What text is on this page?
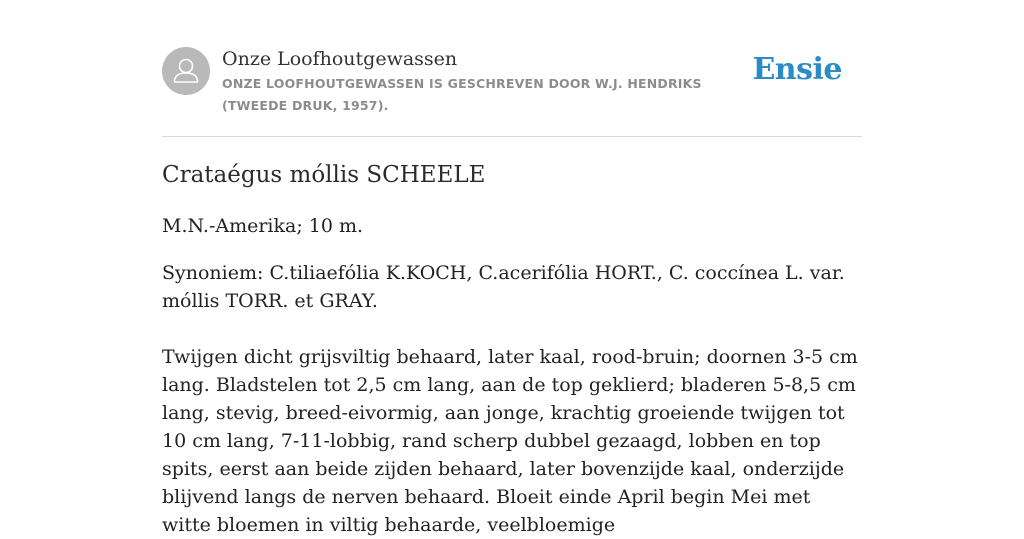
Onze Loofhoutgewassen
ONZE LOOFHOUTGEWASSEN IS GESCHREVEN DOOR W.J. HENDRIKS (TWEEDE DRUK, 1957).
Ensie
Crataégus móllis SCHEELE

M.N.-Amerika; 10 m.

Synoniem: C.tiliaefólia K.KOCH, C.acerifólia HORT., C. coccínea L. var. móllis TORR. et GRAY.

Twijgen dicht grijsviltig behaard, later kaal, rood-bruin; doornen 3-5 cm lang. Bladstelen tot 2,5 cm lang, aan de top geklierd; bladeren 5-8,5 cm lang, stevig, breed-eivormig, aan jonge, krachtig groeiende twijgen tot 10 cm lang, 7-11-lobbig, rand scherp dubbel gezaagd, lobben en top spits, eerst aan beide zijden behaard, later bovenzijde kaal, onderzijde blijvend langs de nerven behaard. Bloeit einde April begin Mei met witte bloemen in viltig behaarde, veelbloemige
